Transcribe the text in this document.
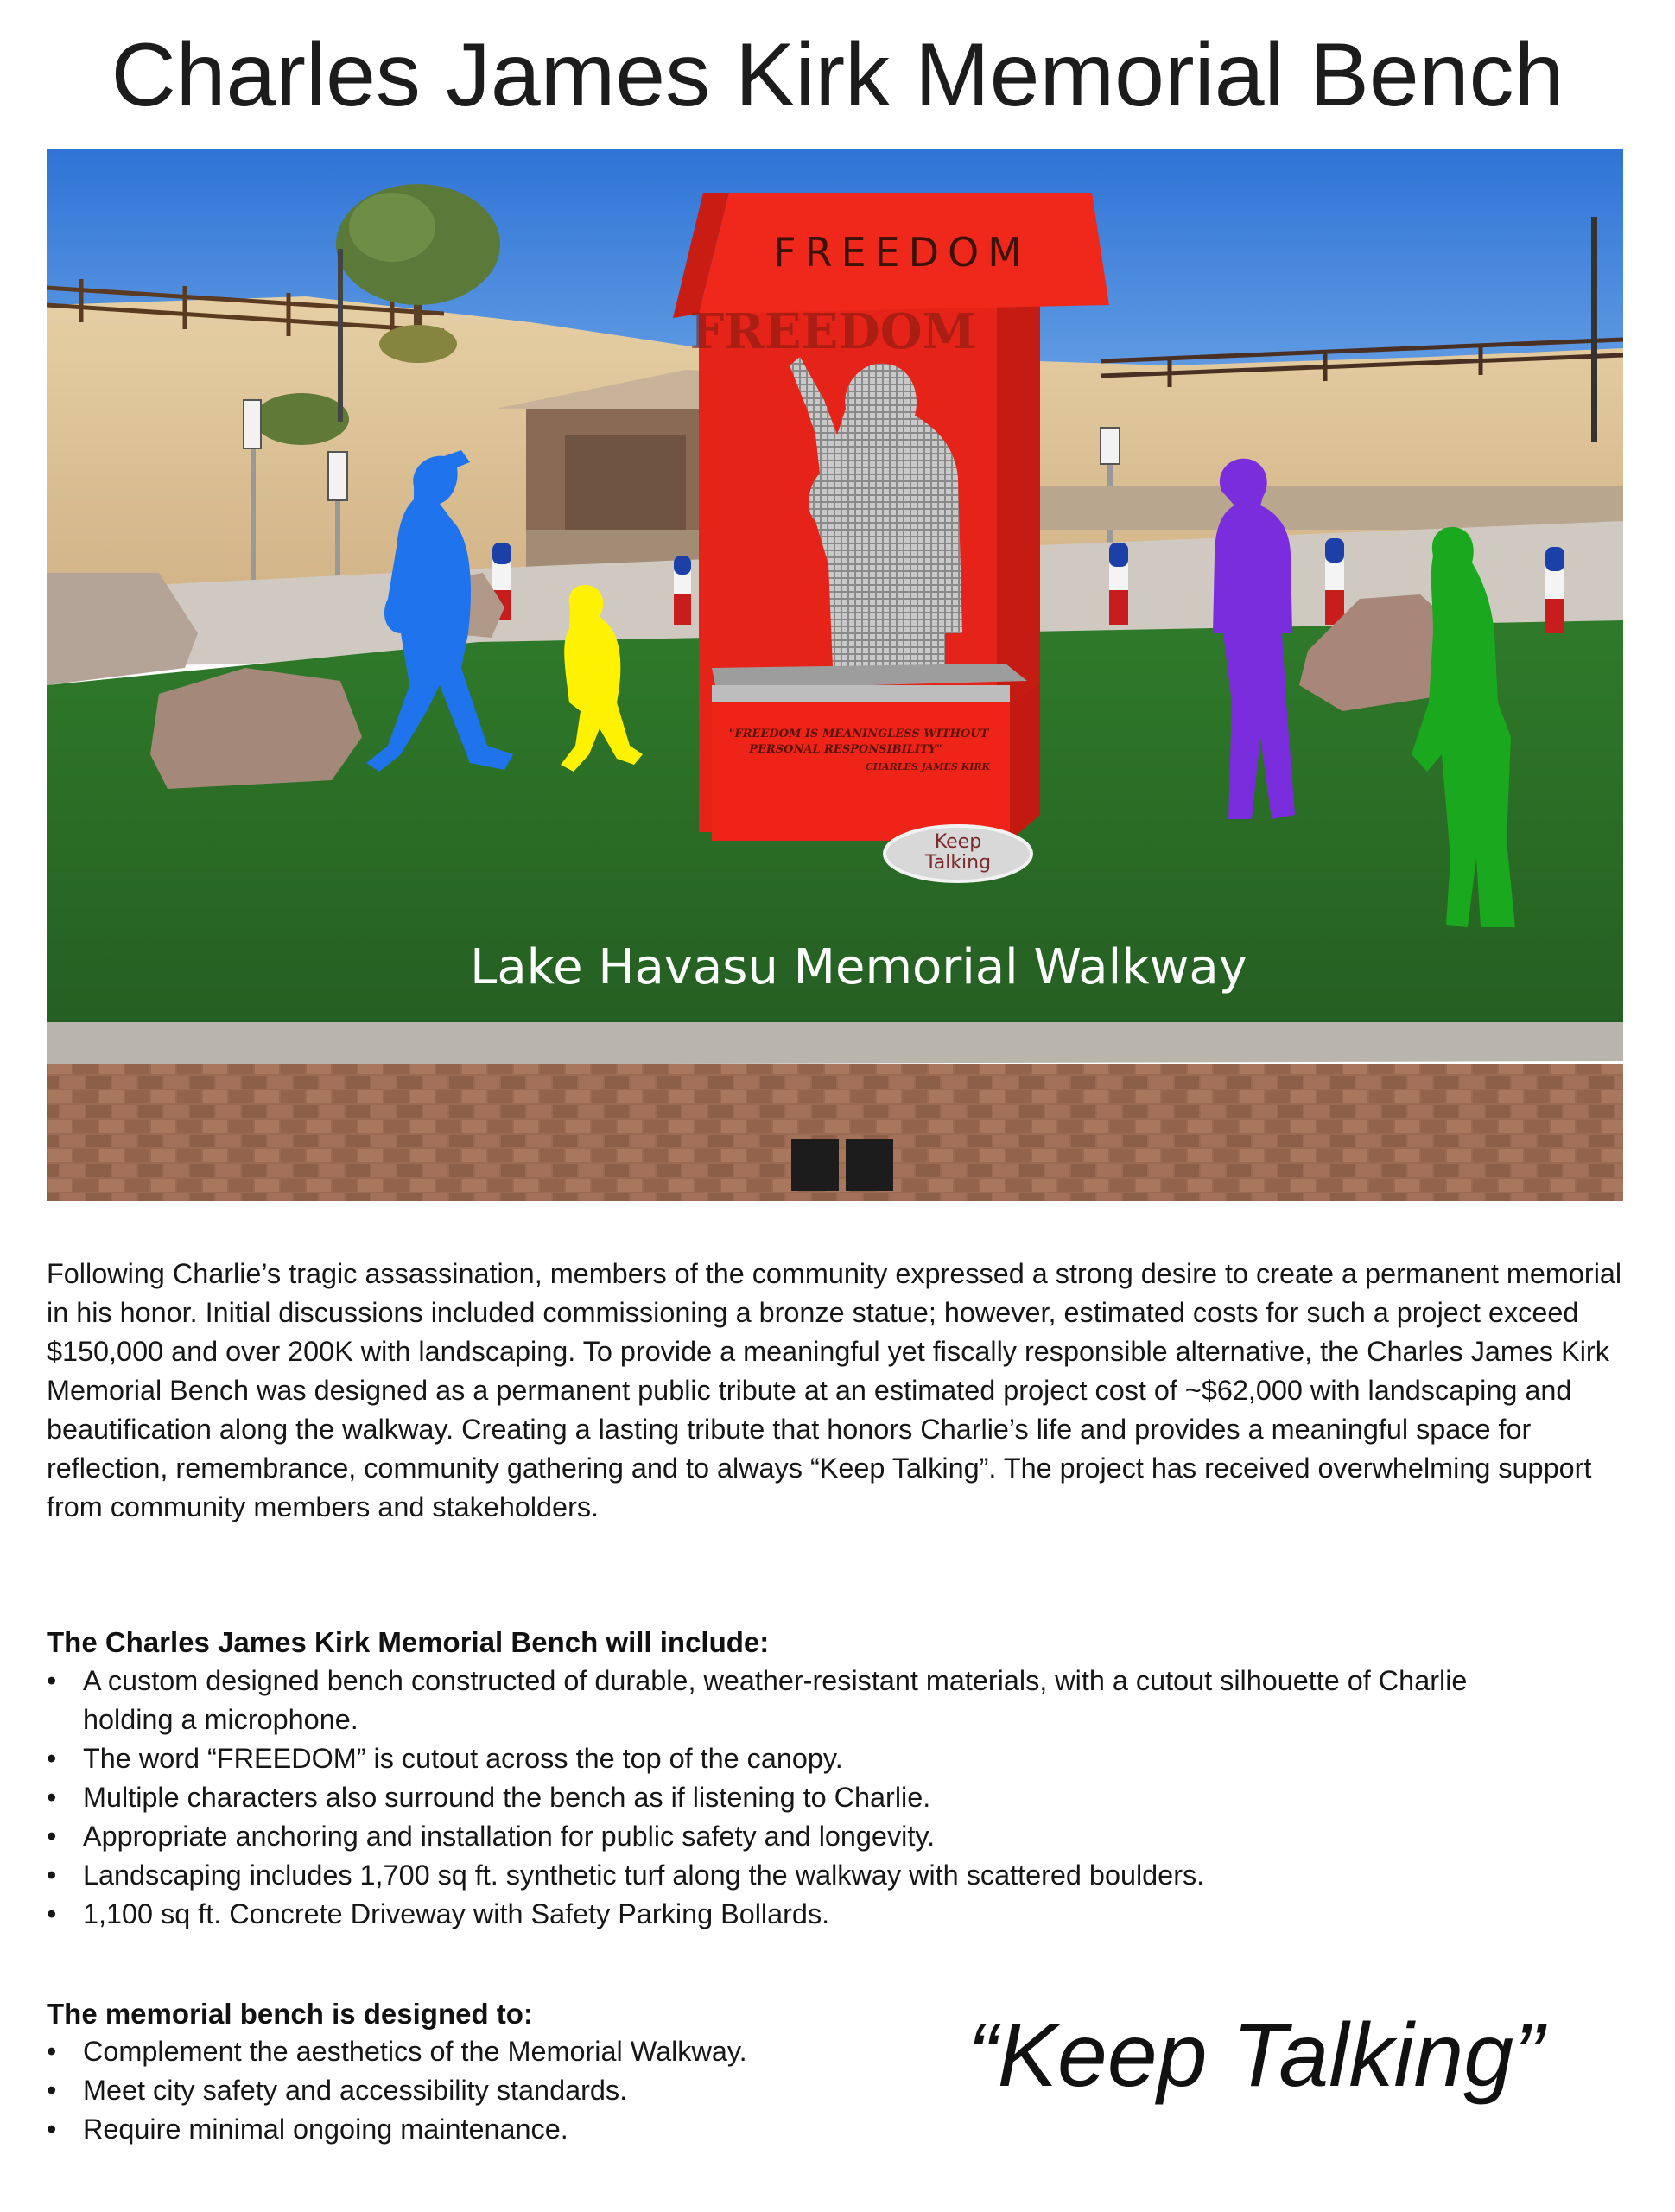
Charles James Kirk Memorial Bench
FREEDOM
FREEDOM
"FREEDOM IS MEANINGLESS WITHOUT
PERSONAL RESPONSIBILITY"
CHARLES JAMES KIRK
Keep
Talking
Lake Havasu Memorial Walkway

Following Charlie’s tragic assassination, members of the community expressed a strong desire to create a permanent memorial in his honor. Initial discussions included commissioning a bronze statue; however, estimated costs for such a project exceed $150,000 and over 200K with landscaping. To provide a meaningful yet fiscally responsible alternative, the Charles James Kirk Memorial Bench was designed as a permanent public tribute at an estimated project cost of ~$62,000 with landscaping and beautification along the walkway. Creating a lasting tribute that honors Charlie’s life and provides a meaningful space for reflection, remembrance, community gathering and to always “Keep Talking”. The project has received overwhelming support from community members and stakeholders.

The Charles James Kirk Memorial Bench will include:
• A custom designed bench constructed of durable, weather-resistant materials, with a cutout silhouette of Charlie holding a microphone.
• The word “FREEDOM” is cutout across the top of the canopy.
• Multiple characters also surround the bench as if listening to Charlie.
• Appropriate anchoring and installation for public safety and longevity.
• Landscaping includes 1,700 sq ft. synthetic turf along the walkway with scattered boulders.
• 1,100 sq ft. Concrete Driveway with Safety Parking Bollards.
The memorial bench is designed to:
• Complement the aesthetics of the Memorial Walkway.
• Meet city safety and accessibility standards.
• Require minimal ongoing maintenance.

“Keep Talking”
